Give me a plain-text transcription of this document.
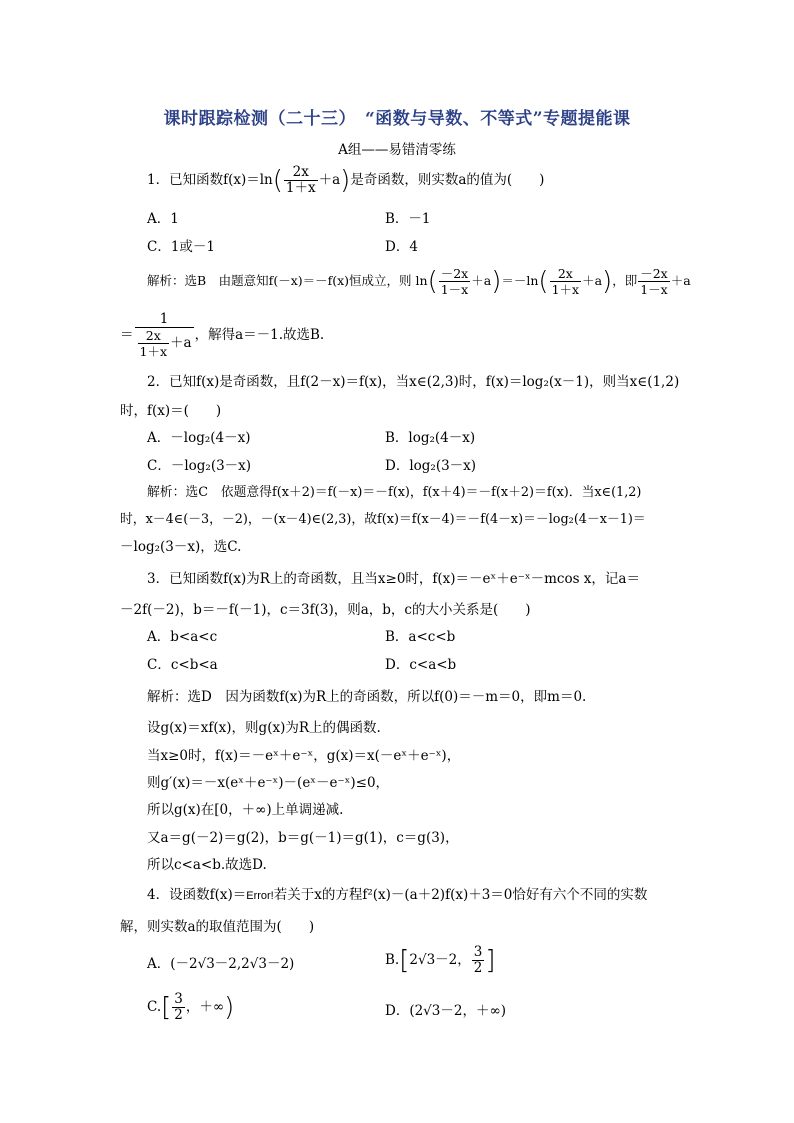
课时跟踪检测（二十三）　“函数与导数、不等式”专题提能课
A组——易错清零练
1．已知函数$f(x)=\ln( \frac{2x}{1+x} +a)$是奇函数，则实数a的值为(　　)
A．1	B．－1
C．1或－1	D．4
解析：选B　由题意知f(－x)＝－f(x)恒成立，则 $\ln( \frac{-2x}{1-x} +a)=-\ln( \frac{2x}{1+x} +a)$，即 $\frac{-2x}{1-x} +a$
＝ $\frac{1}{\frac{2x}{1+x} +a}$ ，解得a＝－1.故选B.
2．已知f(x)是奇函数，且f(2－x)＝f(x)，当x∈(2,3)时，f(x)＝log₂(x－1)，则当x∈(1,2)
时，f(x)＝(　　)
A．－log₂(4－x)	B．log₂(4－x)
C．－log₂(3－x)	D．log₂(3－x)
解析：选C　依题意得f(x＋2)＝f(－x)＝－f(x)，f(x＋4)＝－f(x＋2)＝f(x)．当x∈(1,2)
时，x－4∈(－3，－2)，－(x－4)∈(2,3)，故f(x)＝f(x－4)＝－f(4－x)＝－log₂(4－x－1)＝
－log₂(3－x)，选C.
3．已知函数f(x)为R上的奇函数，且当x≥0时，f(x)＝－eˣ＋e⁻ˣ－mcos x，记a＝
－2f(－2)，b＝－f(－1)，c＝3f(3)，则a，b，c的大小关系是(　　)
A．b<a<c	B．a<c<b
C．c<b<a	D．c<a<b
解析：选D　因为函数f(x)为R上的奇函数，所以f(0)＝－m＝0，即m＝0.
设g(x)＝xf(x)，则g(x)为R上的偶函数.
当x≥0时，f(x)＝－eˣ＋e⁻ˣ，g(x)＝x(－eˣ＋e⁻ˣ)，
则g′(x)＝－x(eˣ＋e⁻ˣ)－(eˣ－e⁻ˣ)≤0，
所以g(x)在[0，＋∞)上单调递减.
又a＝g(－2)＝g(2)，b＝g(－1)＝g(1)，c＝g(3)，
所以c<a<b.故选D.
4．设函数f(x)＝Error!若关于x的方程f²(x)－(a＋2)f(x)＋3＝0恰好有六个不同的实数
解，则实数a的取值范围为(　　)
A．(－2√3－2,2√3－2)	B.[2√3－2， $\frac{3}{2}$ ]
$C.[ \frac{3}{2}$ ，＋∞)	D．(2√3－2，＋∞)
